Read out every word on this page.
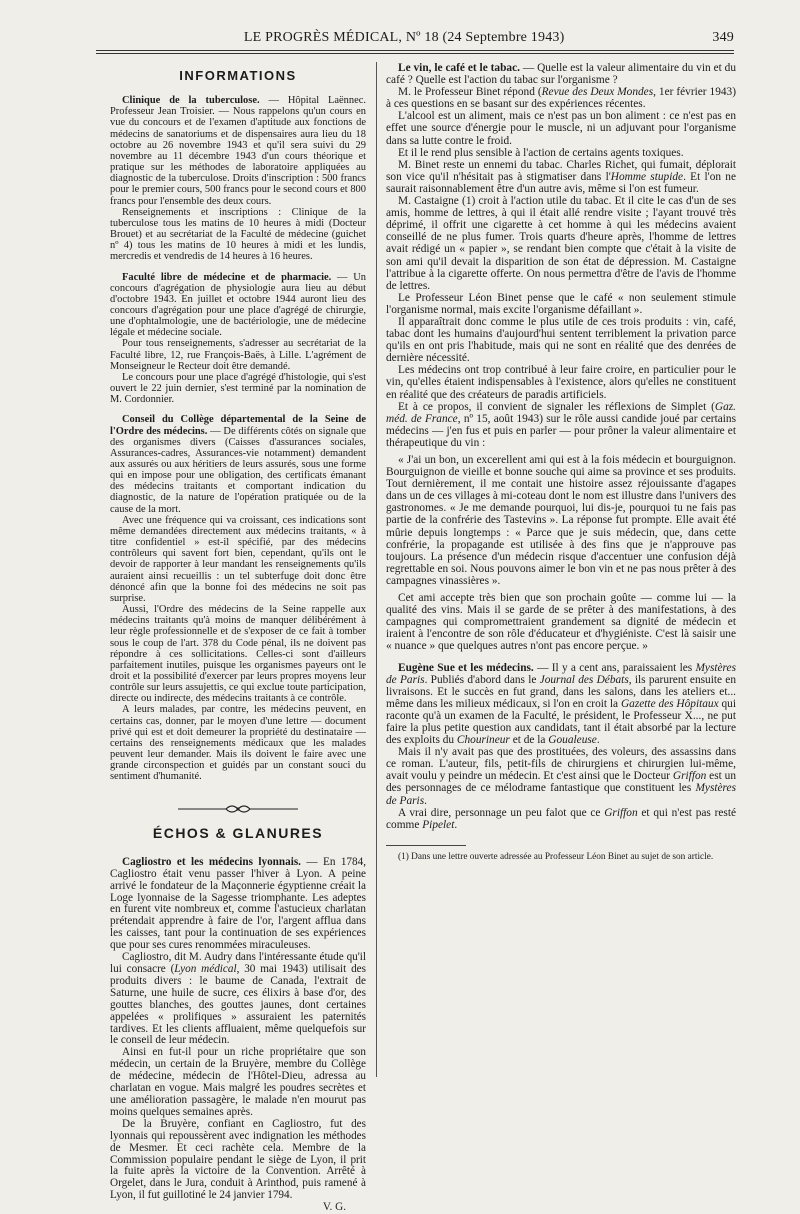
LE PROGRÈS MÉDICAL, Nº 18 (24 Septembre 1943)	349
INFORMATIONS

Clinique de la tuberculose. — Hôpital Laënnec. Professeur Jean Troisier. — Nous rappelons qu'un cours en vue du concours et de l'examen d'aptitude aux fonctions de médecins de sanatoriums et de dispensaires aura lieu du 18 octobre au 26 novembre 1943 et qu'il sera suivi du 29 novembre au 11 décembre 1943 d'un cours théorique et pratique sur les méthodes de laboratoire appliquées au diagnostic de la tuberculose. Droits d'inscription : 500 francs pour le premier cours, 500 francs pour le second cours et 800 francs pour l'ensemble des deux cours.

Renseignements et inscriptions : Clinique de la tuberculose tous les matins de 10 heures à midi (Docteur Brouet) et au secrétariat de la Faculté de médecine (guichet nº 4) tous les matins de 10 heures à midi et les lundis, mercredis et vendredis de 14 heures à 16 heures.

Faculté libre de médecine et de pharmacie. — Un concours d'agrégation de physiologie aura lieu au début d'octobre 1943. En juillet et octobre 1944 auront lieu des concours d'agrégation pour une place d'agrégé de chirurgie, une d'ophtalmologie, une de bactériologie, une de médecine légale et médecine sociale.

Pour tous renseignements, s'adresser au secrétariat de la Faculté libre, 12, rue François-Baës, à Lille. L'agrément de Monseigneur le Recteur doit être demandé.

Le concours pour une place d'agrégé d'histologie, qui s'est ouvert le 22 juin dernier, s'est terminé par la nomination de M. Cordonnier.

Conseil du Collège départemental de la Seine de l'Ordre des médecins. — De différents côtés on signale que des organismes divers (Caisses d'assurances sociales, Assurances-cadres, Assurances-vie notamment) demandent aux assurés ou aux héritiers de leurs assurés, sous une forme qui en impose pour une obligation, des certificats émanant des médecins traitants et comportant indication du diagnostic, de la nature de l'opération pratiquée ou de la cause de la mort.

Avec une fréquence qui va croissant, ces indications sont même demandées directement aux médecins traitants, « à titre confidentiel » est-il spécifié, par des médecins contrôleurs qui savent fort bien, cependant, qu'ils ont le devoir de rapporter à leur mandant les renseignements qu'ils auraient ainsi recueillis : un tel subterfuge doit donc être dénoncé afin que la bonne foi des médecins ne soit pas surprise.

Aussi, l'Ordre des médecins de la Seine rappelle aux médecins traitants qu'à moins de manquer délibérément à leur règle professionnelle et de s'exposer de ce fait à tomber sous le coup de l'art. 378 du Code pénal, ils ne doivent pas répondre à ces sollicitations. Celles-ci sont d'ailleurs parfaitement inutiles, puisque les organismes payeurs ont le droit et la possibilité d'exercer par leurs propres moyens leur contrôle sur leurs assujettis, ce qui exclue toute participation, directe ou indirecte, des médecins traitants à ce contrôle.

A leurs malades, par contre, les médecins peuvent, en certains cas, donner, par le moyen d'une lettre — document privé qui est et doit demeurer la propriété du destinataire — certains des renseignements médicaux que les malades peuvent leur demander. Mais ils doivent le faire avec une grande circonspection et guidés par un constant souci du sentiment d'humanité.

ÉCHOS & GLANURES

Cagliostro et les médecins lyonnais. — En 1784, Cagliostro était venu passer l'hiver à Lyon. A peine arrivé le fondateur de la Maçonnerie égyptienne créait la Loge lyonnaise de la Sagesse triomphante. Les adeptes en furent vite nombreux et, comme l'astucieux charlatan prétendait apprendre à faire de l'or, l'argent afflua dans les caisses, tant pour la continuation de ses expériences que pour ses cures renommées miraculeuses.

Cagliostro, dit M. Audry dans l'intéressante étude qu'il lui consacre (Lyon médical, 30 mai 1943) utilisait des produits divers : le baume de Canada, l'extrait de Saturne, une huile de sucre, ces élixirs à base d'or, des gouttes blanches, des gouttes jaunes, dont certaines appelées « prolifiques » assuraient les paternités tardives. Et les clients affluaient, même quelquefois sur le conseil de leur médecin.

Ainsi en fut-il pour un riche propriétaire que son médecin, un certain de la Bruyère, membre du Collège de médecine, médecin de l'Hôtel-Dieu, adressa au charlatan en vogue. Mais malgré les poudres secrètes et une amélioration passagère, le malade n'en mourut pas moins quelques semaines après.

De la Bruyère, confiant en Cagliostro, fut des lyonnais qui repoussèrent avec indignation les méthodes de Mesmer. Et ceci rachète cela. Membre de la Commission populaire pendant le siège de Lyon, il prit la fuite après la victoire de la Convention. Arrêté à Orgelet, dans le Jura, conduit à Arinthod, puis ramené à Lyon, il fut guillotiné le 24 janvier 1794.

V. G.

Le vin, le café et le tabac. — Quelle est la valeur alimentaire du vin et du café ? Quelle est l'action du tabac sur l'organisme ?

M. le Professeur Binet répond (Revue des Deux Mondes, 1er février 1943) à ces questions en se basant sur des expériences récentes.

L'alcool est un aliment, mais ce n'est pas un bon aliment : ce n'est pas en effet une source d'énergie pour le muscle, ni un adjuvant pour l'organisme dans sa lutte contre le froid.

Et il le rend plus sensible à l'action de certains agents toxiques.

M. Binet reste un ennemi du tabac. Charles Richet, qui fumait, déplorait son vice qu'il n'hésitait pas à stigmatiser dans l'Homme stupide. Et l'on ne saurait raisonnablement être d'un autre avis, même si l'on est fumeur.

M. Castaigne (1) croit à l'action utile du tabac. Et il cite le cas d'un de ses amis, homme de lettres, à qui il était allé rendre visite ; l'ayant trouvé très déprimé, il offrit une cigarette à cet homme à qui les médecins avaient conseillé de ne plus fumer. Trois quarts d'heure après, l'homme de lettres avait rédigé un « papier », se rendant bien compte que c'était à la visite de son ami qu'il devait la disparition de son état de dépression. M. Castaigne l'attribue à la cigarette offerte. On nous permettra d'être de l'avis de l'homme de lettres.

Le Professeur Léon Binet pense que le café « non seulement stimule l'organisme normal, mais excite l'organisme défaillant ».

Il apparaîtrait donc comme le plus utile de ces trois produits : vin, café, tabac dont les humains d'aujourd'hui sentent terriblement la privation parce qu'ils en ont pris l'habitude, mais qui ne sont en réalité que des denrées de dernière nécessité.

Les médecins ont trop contribué à leur faire croire, en particulier pour le vin, qu'elles étaient indispensables à l'existence, alors qu'elles ne constituent en réalité que des créateurs de paradis artificiels.

Et à ce propos, il convient de signaler les réflexions de Simplet (Gaz. méd. de France, nº 15, août 1943) sur le rôle aussi candide joué par certains médecins — j'en fus et puis en parler — pour prôner la valeur alimentaire et thérapeutique du vin :

« J'ai un bon, un excerellent ami qui est à la fois médecin et bourguignon. Bourguignon de vieille et bonne souche qui aime sa province et ses produits. Tout dernièrement, il me contait une histoire assez réjouissante d'agapes dans un de ces villages à mi-coteau dont le nom est illustre dans l'univers des gastronomes. « Je me demande pourquoi, lui dis-je, pourquoi tu ne fais pas partie de la confrérie des Tastevins ». La réponse fut prompte. Elle avait été mûrie depuis longtemps : « Parce que je suis médecin, que, dans cette confrérie, la propagande est utilisée à des fins que je n'approuve pas toujours. La présence d'un médecin risque d'accentuer une confusion déjà regrettable en soi. Nous pouvons aimer le bon vin et ne pas nous prêter à des campagnes vinassières ».

Cet ami accepte très bien que son prochain goûte — comme lui — la qualité des vins. Mais il se garde de se prêter à des manifestations, à des campagnes qui compromettraient grandement sa dignité de médecin et iraient à l'encontre de son rôle d'éducateur et d'hygiéniste. C'est là saisir une « nuance » que quelques autres n'ont pas encore perçue. »

Eugène Sue et les médecins. — Il y a cent ans, paraissaient les Mystères de Paris. Publiés d'abord dans le Journal des Débats, ils parurent ensuite en livraisons. Et le succès en fut grand, dans les salons, dans les ateliers et... même dans les milieux médicaux, si l'on en croit la Gazette des Hôpitaux qui raconte qu'à un examen de la Faculté, le président, le Professeur X..., ne put faire la plus petite question aux candidats, tant il était absorbé par la lecture des exploits du Chourineur et de la Goualeuse.

Mais il n'y avait pas que des prostituées, des voleurs, des assassins dans ce roman. L'auteur, fils, petit-fils de chirurgiens et chirurgien lui-même, avait voulu y peindre un médecin. Et c'est ainsi que le Docteur Griffon est un des personnages de ce mélodrame fantastique que constituent les Mystères de Paris.

A vrai dire, personnage un peu falot que ce Griffon et qui n'est pas resté comme Pipelet.

(1) Dans une lettre ouverte adressée au Professeur Léon Binet au sujet de son article.
